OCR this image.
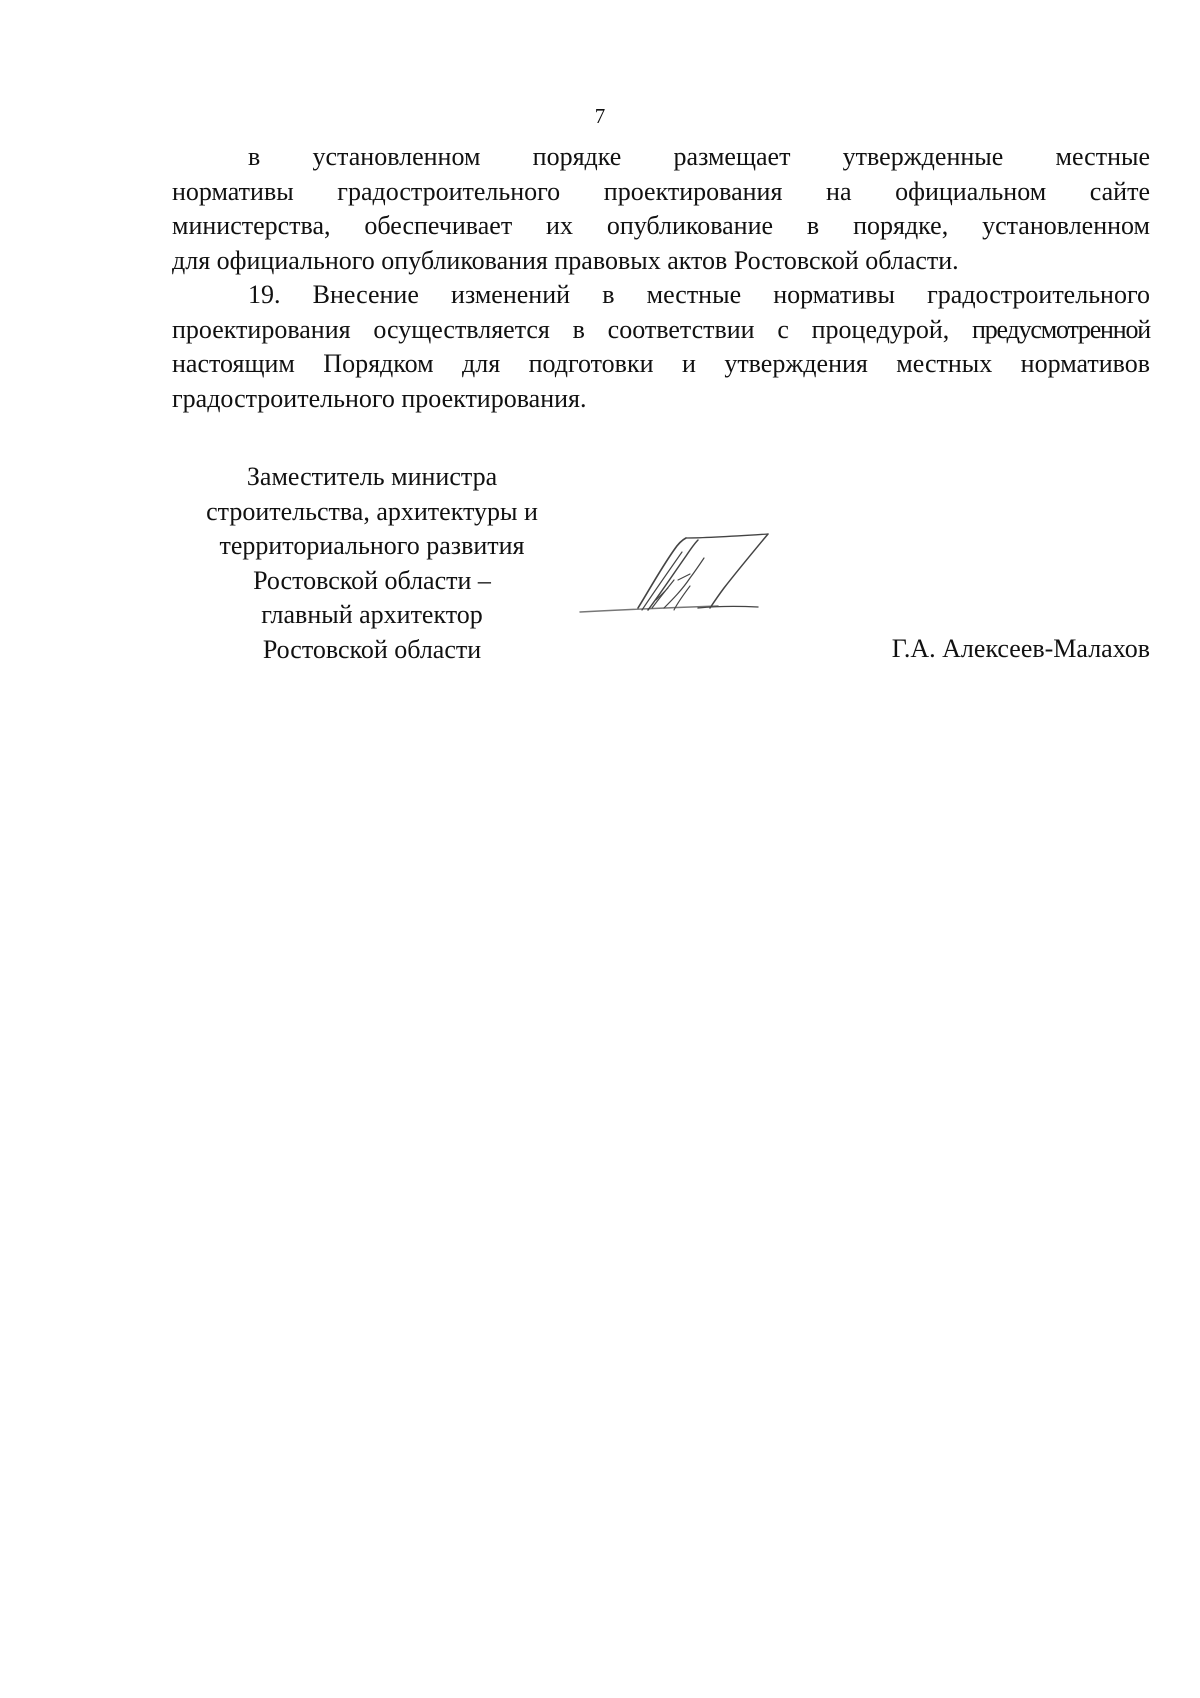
7

в установленном порядке размещает утвержденные местные
нормативы градостроительного проектирования на официальном сайте
министерства, обеспечивает их опубликование в порядке, установленном
для официального опубликования правовых актов Ростовской области.

19. Внесение изменений в местные нормативы градостроительного
проектирования осуществляется в соответствии с процедурой, предусмотренной
настоящим Порядком для подготовки и утверждения местных нормативов
градостроительного проектирования.

Заместитель министра
строительства, архитектуры и
территориального развития
Ростовской области –
главный архитектор
Ростовской области	Г.А. Алексеев-Малахов
